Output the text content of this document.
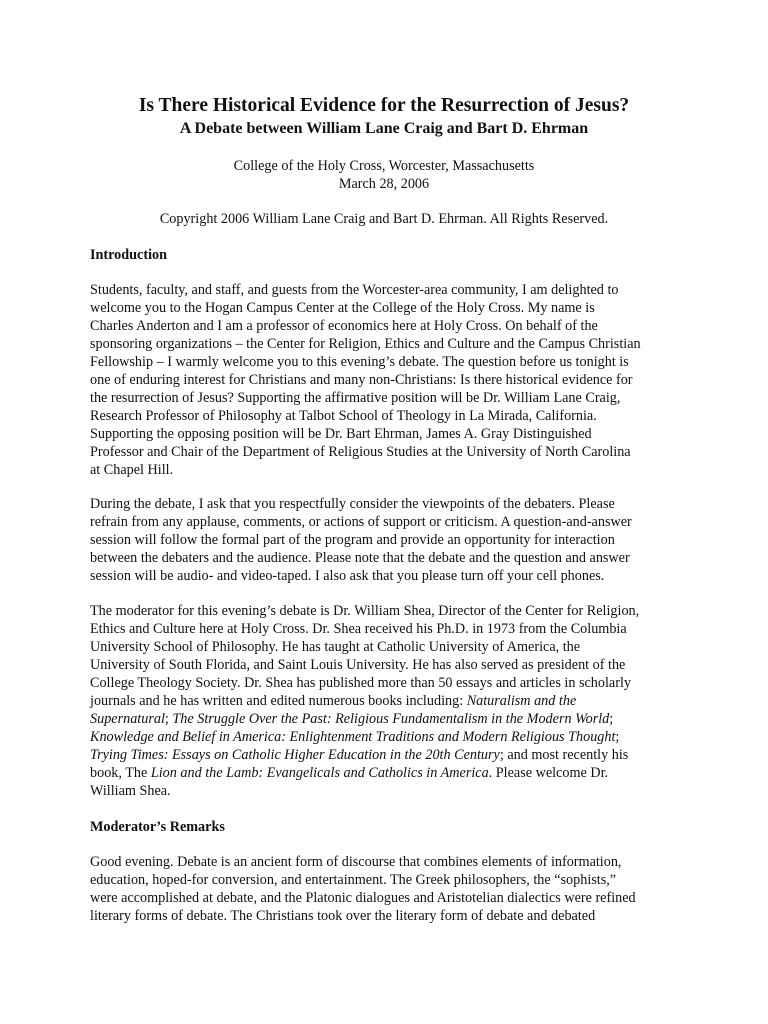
Is There Historical Evidence for the Resurrection of Jesus?
A Debate between William Lane Craig and Bart D. Ehrman

College of the Holy Cross, Worcester, Massachusetts

March 28, 2006

Copyright 2006 William Lane Craig and Bart D. Ehrman. All Rights Reserved.

Introduction
Students, faculty, and staff, and guests from the Worcester-area community, I am delighted to
welcome you to the Hogan Campus Center at the College of the Holy Cross. My name is
Charles Anderton and I am a professor of economics here at Holy Cross. On behalf of the
sponsoring organizations – the Center for Religion, Ethics and Culture and the Campus Christian
Fellowship – I warmly welcome you to this evening’s debate. The question before us tonight is
one of enduring interest for Christians and many non-Christians: Is there historical evidence for
the resurrection of Jesus? Supporting the affirmative position will be Dr. William Lane Craig,
Research Professor of Philosophy at Talbot School of Theology in La Mirada, California.
Supporting the opposing position will be Dr. Bart Ehrman, James A. Gray Distinguished
Professor and Chair of the Department of Religious Studies at the University of North Carolina
at Chapel Hill.
During the debate, I ask that you respectfully consider the viewpoints of the debaters. Please
refrain from any applause, comments, or actions of support or criticism. A question-and-answer
session will follow the formal part of the program and provide an opportunity for interaction
between the debaters and the audience. Please note that the debate and the question and answer
session will be audio- and video-taped. I also ask that you please turn off your cell phones.
The moderator for this evening’s debate is Dr. William Shea, Director of the Center for Religion,
Ethics and Culture here at Holy Cross. Dr. Shea received his Ph.D. in 1973 from the Columbia
University School of Philosophy. He has taught at Catholic University of America, the
University of South Florida, and Saint Louis University. He has also served as president of the
College Theology Society. Dr. Shea has published more than 50 essays and articles in scholarly
journals and he has written and edited numerous books including: Naturalism and the
Supernatural; The Struggle Over the Past: Religious Fundamentalism in the Modern World;
Knowledge and Belief in America: Enlightenment Traditions and Modern Religious Thought;
Trying Times: Essays on Catholic Higher Education in the 20th Century; and most recently his
book, The Lion and the Lamb: Evangelicals and Catholics in America. Please welcome Dr.
William Shea.
Moderator’s Remarks
Good evening. Debate is an ancient form of discourse that combines elements of information,
education, hoped-for conversion, and entertainment. The Greek philosophers, the “sophists,”
were accomplished at debate, and the Platonic dialogues and Aristotelian dialectics were refined
literary forms of debate. The Christians took over the literary form of debate and debated
